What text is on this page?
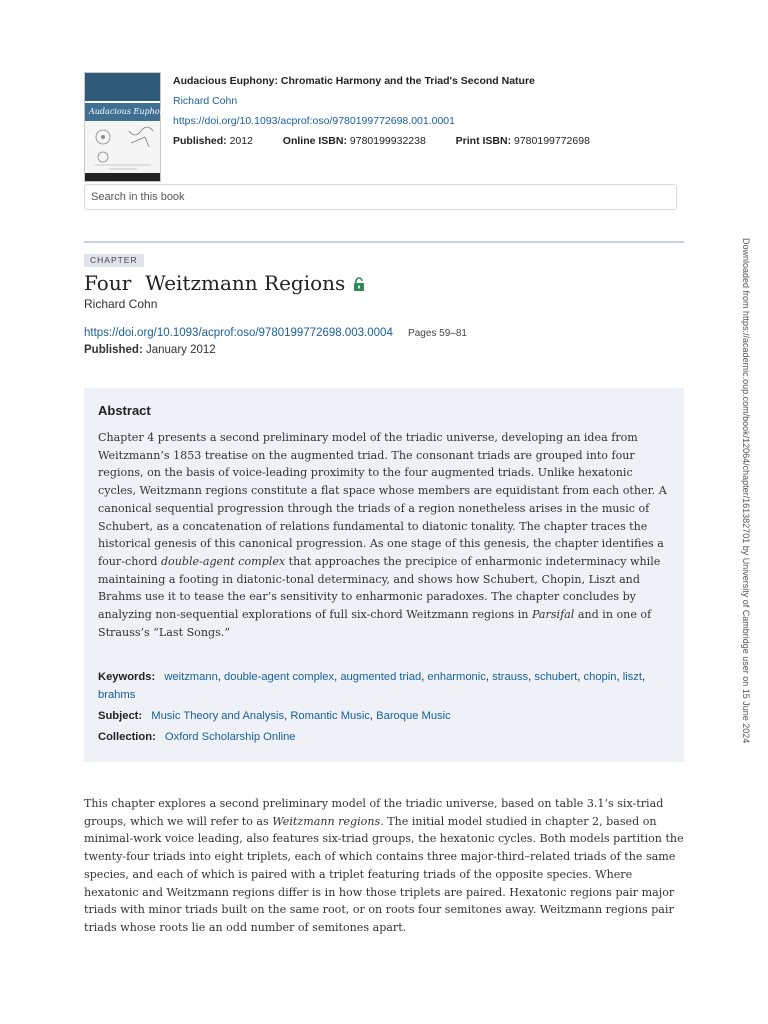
Audacious Euphony
Audacious Euphony: Chromatic Harmony and the Triad's Second Nature
Richard Cohn
https://doi.org/10.1093/acprof:oso/9780199772698.001.0001
Published: 2012	Online ISBN: 9780199932238	Print ISBN: 9780199772698
Search in this book
CHAPTER
Four Weitzmann Regions
Richard Cohn
https://doi.org/10.1093/acprof:oso/9780199772698.003.0004 Pages 59–81
Published: January 2012
Abstract

Chapter 4 presents a second preliminary model of the triadic universe, developing an idea from Weitzmann’s 1853 treatise on the augmented triad. The consonant triads are grouped into four regions, on the basis of voice-leading proximity to the four augmented triads. Unlike hexatonic cycles, Weitzmann regions constitute a flat space whose members are equidistant from each other. A canonical sequential progression through the triads of a region nonetheless arises in the music of Schubert, as a concatenation of relations fundamental to diatonic tonality. The chapter traces the historical genesis of this canonical progression. As one stage of this genesis, the chapter identifies a four-chord double-agent complex that approaches the precipice of enharmonic indeterminacy while maintaining a footing in diatonic-tonal determinacy, and shows how Schubert, Chopin, Liszt and Brahms use it to tease the ear’s sensitivity to enharmonic paradoxes. The chapter concludes by analyzing non-sequential explorations of full six-chord Weitzmann regions in Parsifal and in one of Strauss’s “Last Songs.”

Keywords: weitzmann, double-agent complex, augmented triad, enharmonic, strauss, schubert, chopin, liszt, brahms
Subject: Music Theory and Analysis, Romantic Music, Baroque Music
Collection: Oxford Scholarship Online

This chapter explores a second preliminary model of the triadic universe, based on table 3.1’s six-triad groups, which we will refer to as Weitzmann regions. The initial model studied in chapter 2, based on minimal-work voice leading, also features six-triad groups, the hexatonic cycles. Both models partition the twenty-four triads into eight triplets, each of which contains three major-third–related triads of the same species, and each of which is paired with a triplet featuring triads of the opposite species. Where hexatonic and Weitzmann regions differ is in how those triplets are paired. Hexatonic regions pair major triads with minor triads built on the same root, or on roots four semitones away. Weitzmann regions pair triads whose roots lie an odd number of semitones apart.

Downloaded from https://academic.oup.com/book/12064/chapter/161382701 by University of Cambridge user on 15 June 2024
